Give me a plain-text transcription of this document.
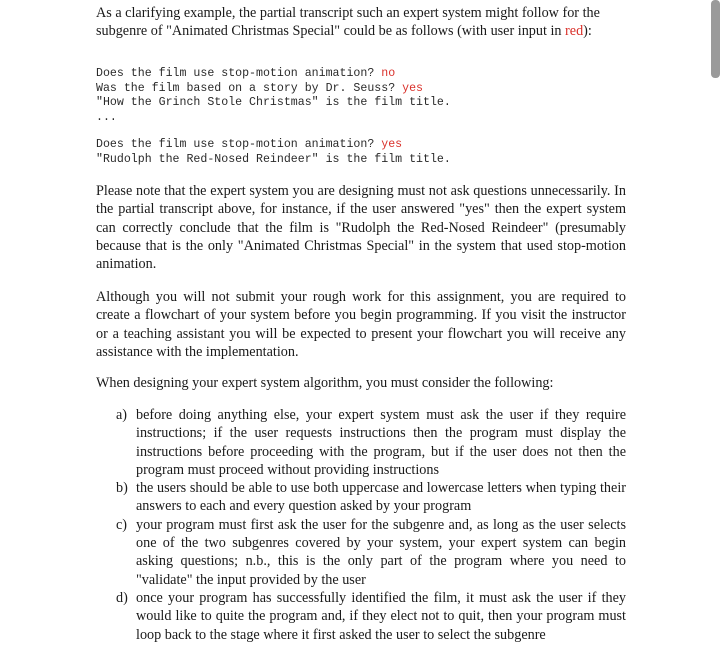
As a clarifying example, the partial transcript such an expert system might follow for the subgenre of "Animated Christmas Special" could be as follows (with user input in red):
Does the film use stop-motion animation? no
Was the film based on a story by Dr. Seuss? yes
"How the Grinch Stole Christmas" is the film title.
...
Does the film use stop-motion animation? yes
"Rudolph the Red-Nosed Reindeer" is the film title.
Please note that the expert system you are designing must not ask questions unnecessarily. In the partial transcript above, for instance, if the user answered "yes" then the expert system can correctly conclude that the film is "Rudolph the Red-Nosed Reindeer" (presumably because that is the only "Animated Christmas Special" in the system that used stop-motion animation.
Although you will not submit your rough work for this assignment, you are required to create a flowchart of your system before you begin programming. If you visit the instructor or a teaching assistant you will be expected to present your flowchart you will receive any assistance with the implementation.
When designing your expert system algorithm, you must consider the following:
a) before doing anything else, your expert system must ask the user if they require instructions; if the user requests instructions then the program must display the instructions before proceeding with the program, but if the user does not then the program must proceed without providing instructions
b) the users should be able to use both uppercase and lowercase letters when typing their answers to each and every question asked by your program
c) your program must first ask the user for the subgenre and, as long as the user selects one of the two subgenres covered by your system, your expert system can begin asking questions; n.b., this is the only part of the program where you need to "validate" the input provided by the user
d) once your program has successfully identified the film, it must ask the user if they would like to quite the program and, if they elect not to quit, then your program must loop back to the stage where it first asked the user to select the subgenre
